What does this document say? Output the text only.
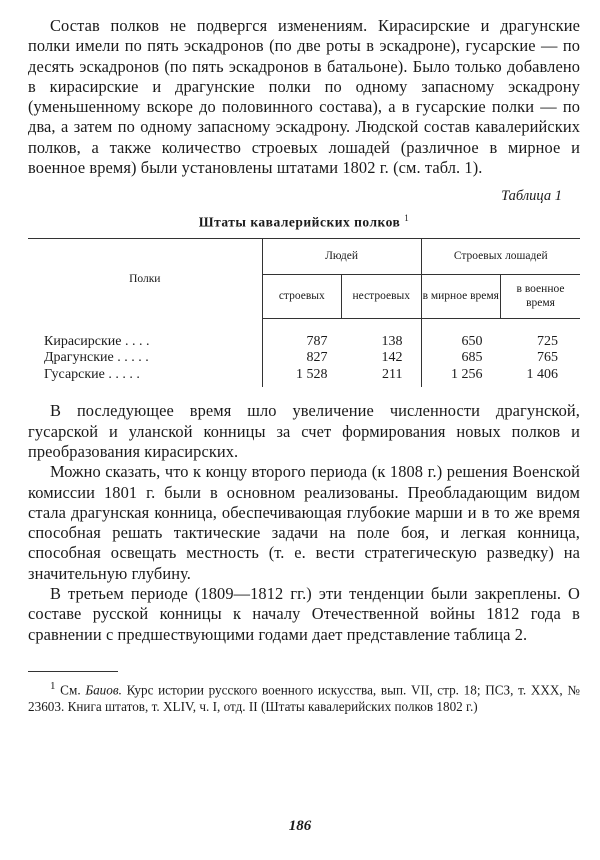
Состав полков не подвергся изменениям. Кирасирские и драгунские полки имели по пять эскадронов (по две роты в эскадроне), гусарские — по десять эскадронов (по пять эскадронов в батальоне). Было только добавлено в кирасирские и драгунские полки по одному запасному эскадрону (уменьшенному вскоре до половинного состава), а в гусарские полки — по два, а затем по одному запасному эскадрону. Людской состав кавалерийских полков, а также количество строевых лошадей (различное в мирное и военное время) были установлены штатами 1802 г. (см. табл. 1).

Таблица 1
Штаты кавалерийских полков $^1$
Полки	Людей		Строевых лошадей	
	строевых	нестроевых	в мирное время	в военное время
Кирасирские . . . .	787	138	650	725
Драгунские . . . . .	827	142	685	765
Гусарские . . . . .	1 528	211	1 256	1 406

В последующее время шло увеличение численности драгунской, гусарской и уланской конницы за счет формирования новых полков и преобразования кирасирских.

Можно сказать, что к концу второго периода (к 1808 г.) решения Военской комиссии 1801 г. были в основном реализованы. Преобладающим видом стала драгунская конница, обеспечивающая глубокие марши и в то же время способная решать тактические задачи на поле боя, и легкая конница, способная освещать местность (т. е. вести стратегическую разведку) на значительную глубину.

В третьем периоде (1809—1812 гг.) эти тенденции были закреплены. О составе русской конницы к началу Отечественной войны 1812 года в сравнении с предшествующими годами дает представление таблица 2.

$^1$ См. Баиов. Курс истории русского военного искусства, вып. VII, стр. 18; ПСЗ, т. XXX, № 23603. Книга штатов, т. XLIV, ч. I, отд. II (Штаты кавалерийских полков 1802 г.)

186
